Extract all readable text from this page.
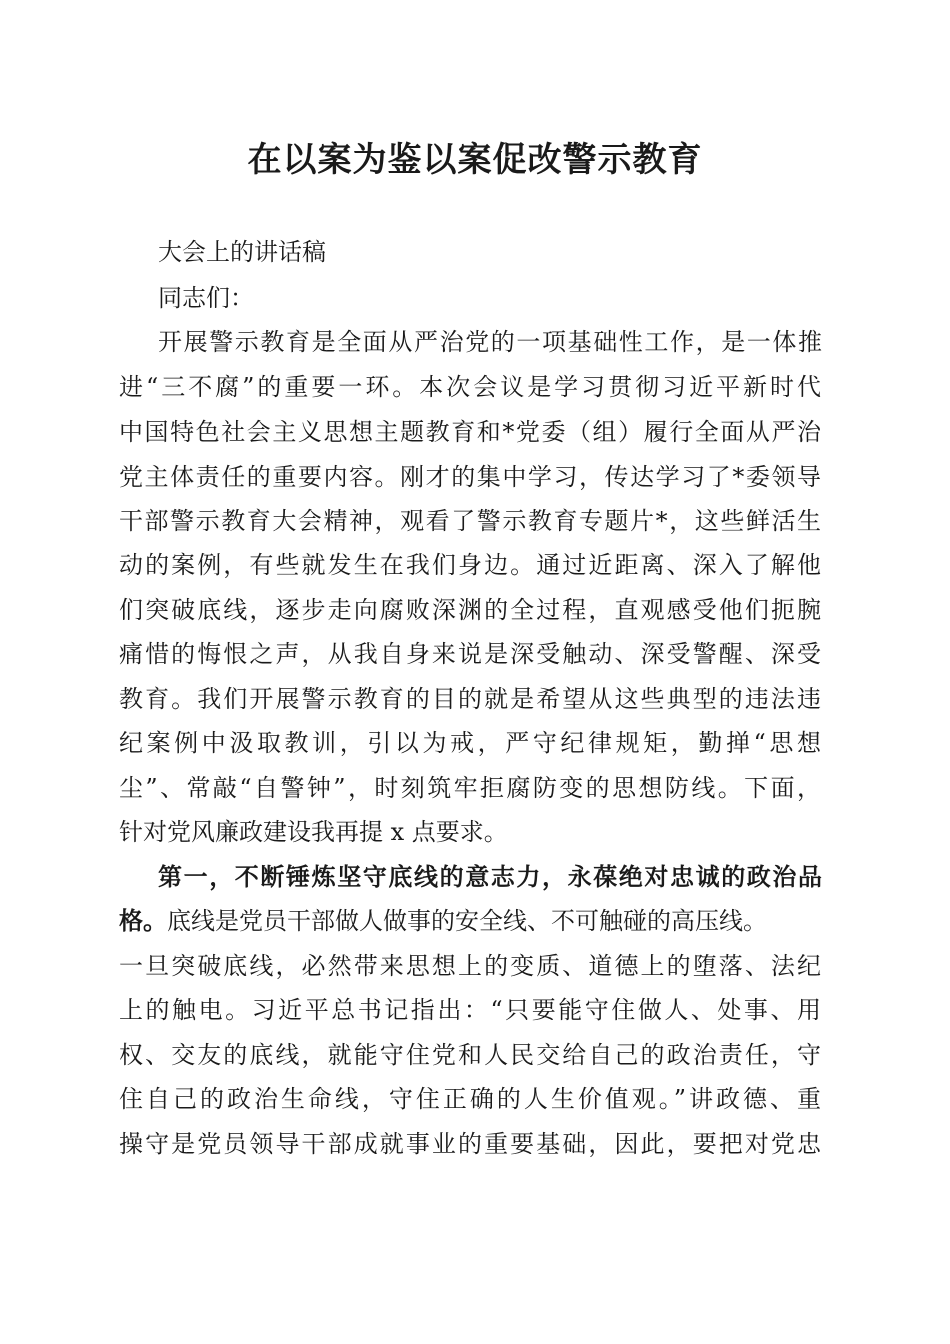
在以案为鉴以案促改警示教育

大会上的讲话稿

同志们：

开展警示教育是全面从严治党的一项基础性工作，是一体推

进“三不腐”的重要一环。本次会议是学习贯彻习近平新时代

中国特色社会主义思想主题教育和*党委（组）履行全面从严治

党主体责任的重要内容。刚才的集中学习，传达学习了*委领导

干部警示教育大会精神，观看了警示教育专题片*，这些鲜活生

动的案例，有些就发生在我们身边。通过近距离、深入了解他

们突破底线，逐步走向腐败深渊的全过程，直观感受他们扼腕

痛惜的悔恨之声，从我自身来说是深受触动、深受警醒、深受

教育。我们开展警示教育的目的就是希望从这些典型的违法违

纪案例中汲取教训，引以为戒，严守纪律规矩，勤掸“思想

尘”、常敲“自警钟”，时刻筑牢拒腐防变的思想防线。下面，

针对党风廉政建设我再提 x 点要求。

第一，不断锤炼坚守底线的意志力，永葆绝对忠诚的政治品

格。底线是党员干部做人做事的安全线、不可触碰的高压线。

一旦突破底线，必然带来思想上的变质、道德上的堕落、法纪

上的触电。习近平总书记指出：“只要能守住做人、处事、用

权、交友的底线，就能守住党和人民交给自己的政治责任，守

住自己的政治生命线，守住正确的人生价值观。”讲政德、重

操守是党员领导干部成就事业的重要基础，因此，要把对党忠
